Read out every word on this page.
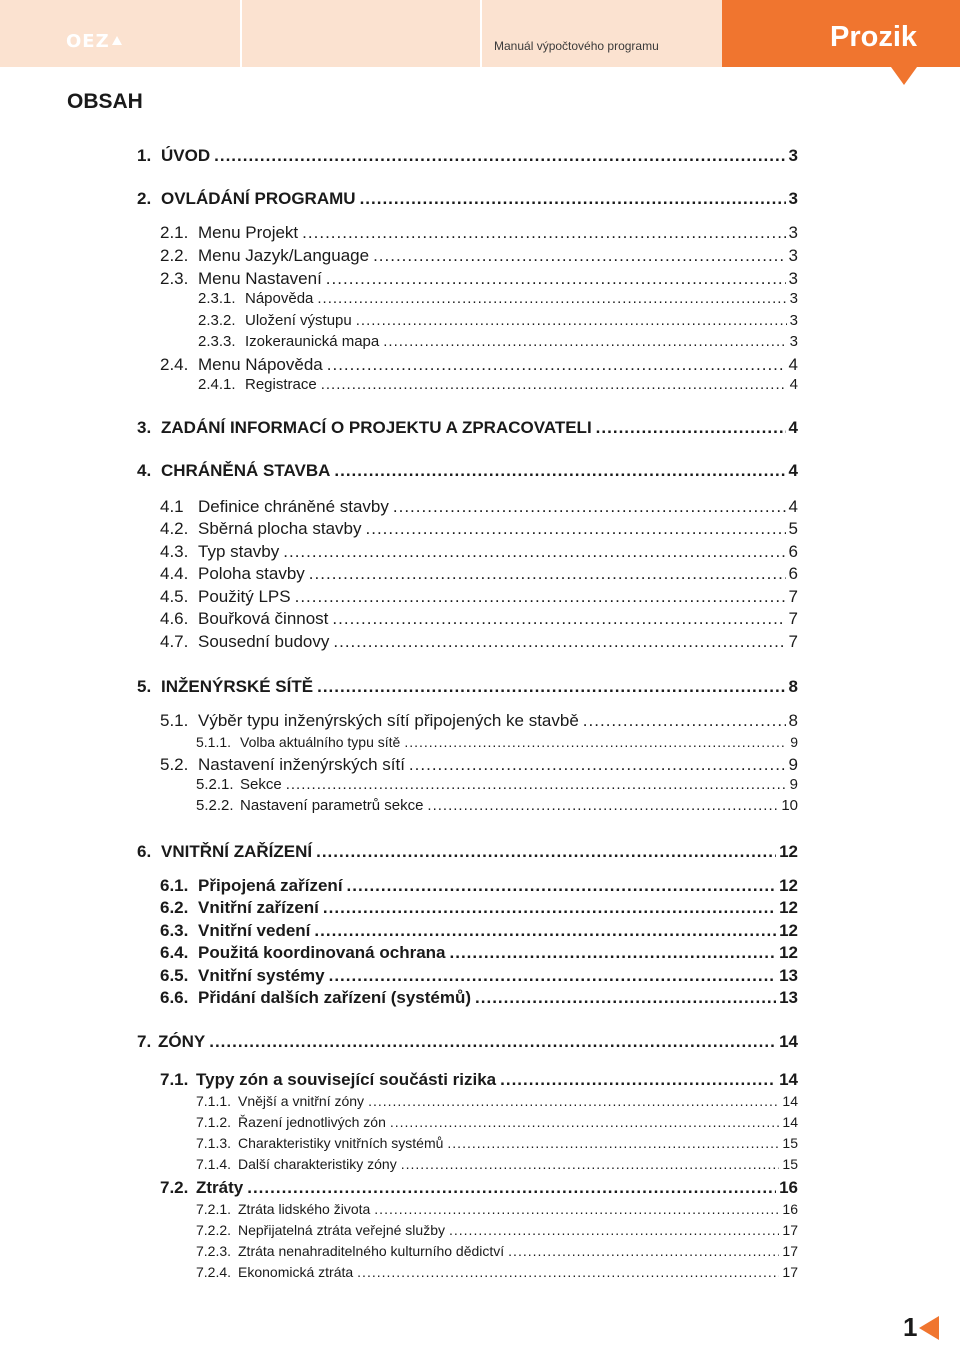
OEZ	Manuál výpočtového programu	Prozik
OBSAH
1. ÚVOD .....	3
2. OVLÁDÁNÍ PROGRAMU .....	3
2.1. Menu Projekt .....	3
2.2. Menu Jazyk/Language .....	3
2.3. Menu Nastavení .....	3
2.3.1. Nápověda .....	3
2.3.2. Uložení výstupu .....	3
2.3.3. Izokeraunická mapa .....	3
2.4. Menu Nápověda .....	4
2.4.1. Registrace .....	4
3. ZADÁNÍ INFORMACÍ O PROJEKTU A ZPRACOVATELI .....	4
4. CHRÁNĚNÁ STAVBA .....	4
4.1 Definice chráněné stavby .....	4
4.2. Sběrná plocha stavby .....	5
4.3. Typ stavby .....	6
4.4. Poloha stavby .....	6
4.5. Použitý LPS .....	7
4.6. Bouřková činnost .....	7
4.7. Sousední budovy .....	7
5. INŽENÝRSKÉ SÍTĚ .....	8
5.1. Výběr typu inženýrských sítí připojených ke stavbě .....	8
5.1.1. Volba aktuálního typu sítě .....	9
5.2. Nastavení inženýrských sítí .....	9
5.2.1. Sekce .....	9
5.2.2. Nastavení parametrů sekce .....	10
6. VNITŘNÍ ZAŘÍZENÍ .....	12
6.1. Připojená zařízení .....	12
6.2. Vnitřní zařízení .....	12
6.3. Vnitřní vedení .....	12
6.4. Použitá koordinovaná ochrana .....	12
6.5. Vnitřní systémy .....	13
6.6. Přidání dalších zařízení (systémů) .....	13
7. ZÓNY .....	14
7.1. Typy zón a související součásti rizika .....	14
7.1.1. Vnější a vnitřní zóny .....	14
7.1.2. Řazení jednotlivých zón .....	14
7.1.3. Charakteristiky vnitřních systémů .....	15
7.1.4. Další charakteristiky zóny .....	15
7.2. Ztráty .....	16
7.2.1. Ztráta lidského života .....	16
7.2.2. Nepřijatelná ztráta veřejné služby .....	17
7.2.3. Ztráta nenahraditelného kulturního dědictví .....	17
7.2.4. Ekonomická ztráta .....	17
1
